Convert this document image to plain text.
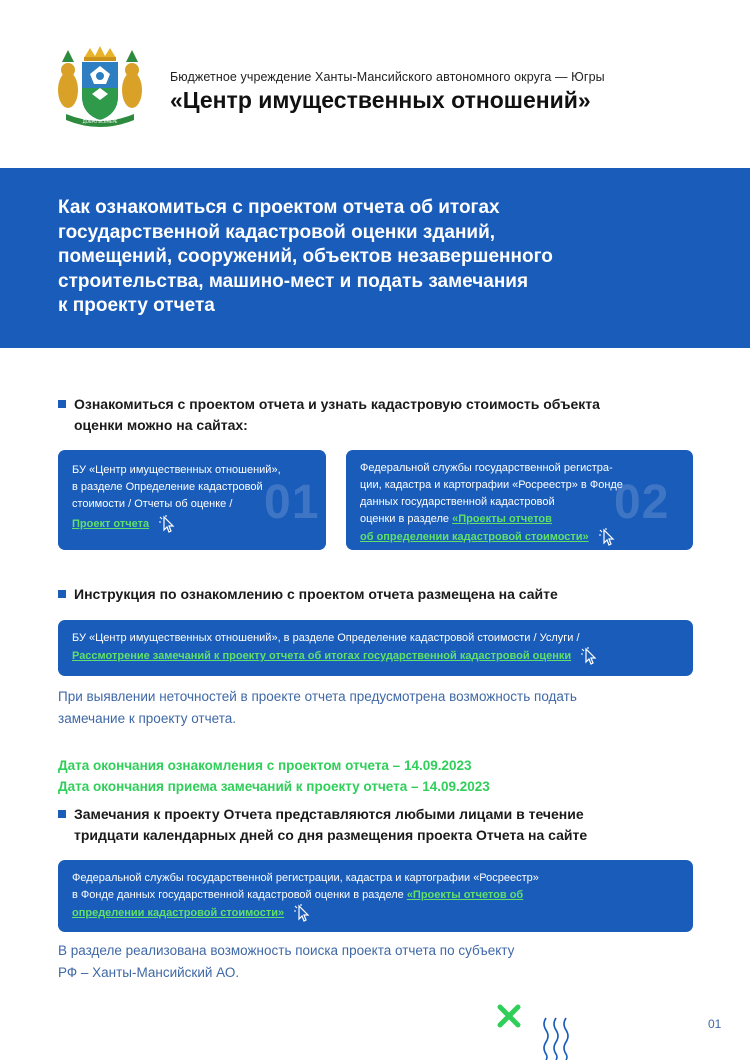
ДОБРО ВСЕМЕРЕ
Бюджетное учреждение Ханты-Мансийского автономного округа — Югры
«Центр имущественных отношений»
Как ознакомиться с проектом отчета об итогах
государственной кадастровой оценки зданий,
помещений, сооружений, объектов незавершенного
строительства, машино-мест и подать замечания
к проекту отчета
Ознакомиться с проектом отчета и узнать кадастровую стоимость объекта
оценки можно на сайтах:
01
БУ «Центр имущественных отношений»,
в разделе Определение кадастровой
стоимости / Отчеты об оценке /
Проект отчета	02
Федеральной службы государственной регистра-
ции, кадастра и картографии «Росреестр» в Фонде
данных государственной кадастровой
оценки в разделе «Проекты отчетов
об определении кадастровой стоимости»
Инструкция по ознакомлению с проектом отчета размещена на сайте
БУ «Центр имущественных отношений», в разделе Определение кадастровой стоимости / Услуги /
Рассмотрение замечаний к проекту отчета об итогах государственной кадастровой оценки
При выявлении неточностей в проекте отчета предусмотрена возможность подать
замечание к проекту отчета.
Дата окончания ознакомления с проектом отчета – 14.09.2023
Дата окончания приема замечаний к проекту отчета – 14.09.2023
Замечания к проекту Отчета представляются любыми лицами в течение
тридцати календарных дней со дня размещения проекта Отчета на сайте
Федеральной службы государственной регистрации, кадастра и картографии «Росреестр»
в Фонде данных государственной кадастровой оценки в разделе «Проекты отчетов об
определении кадастровой стоимости»
В разделе реализована возможность поиска проекта отчета по субъекту
РФ – Ханты-Мансийский АО.
01
